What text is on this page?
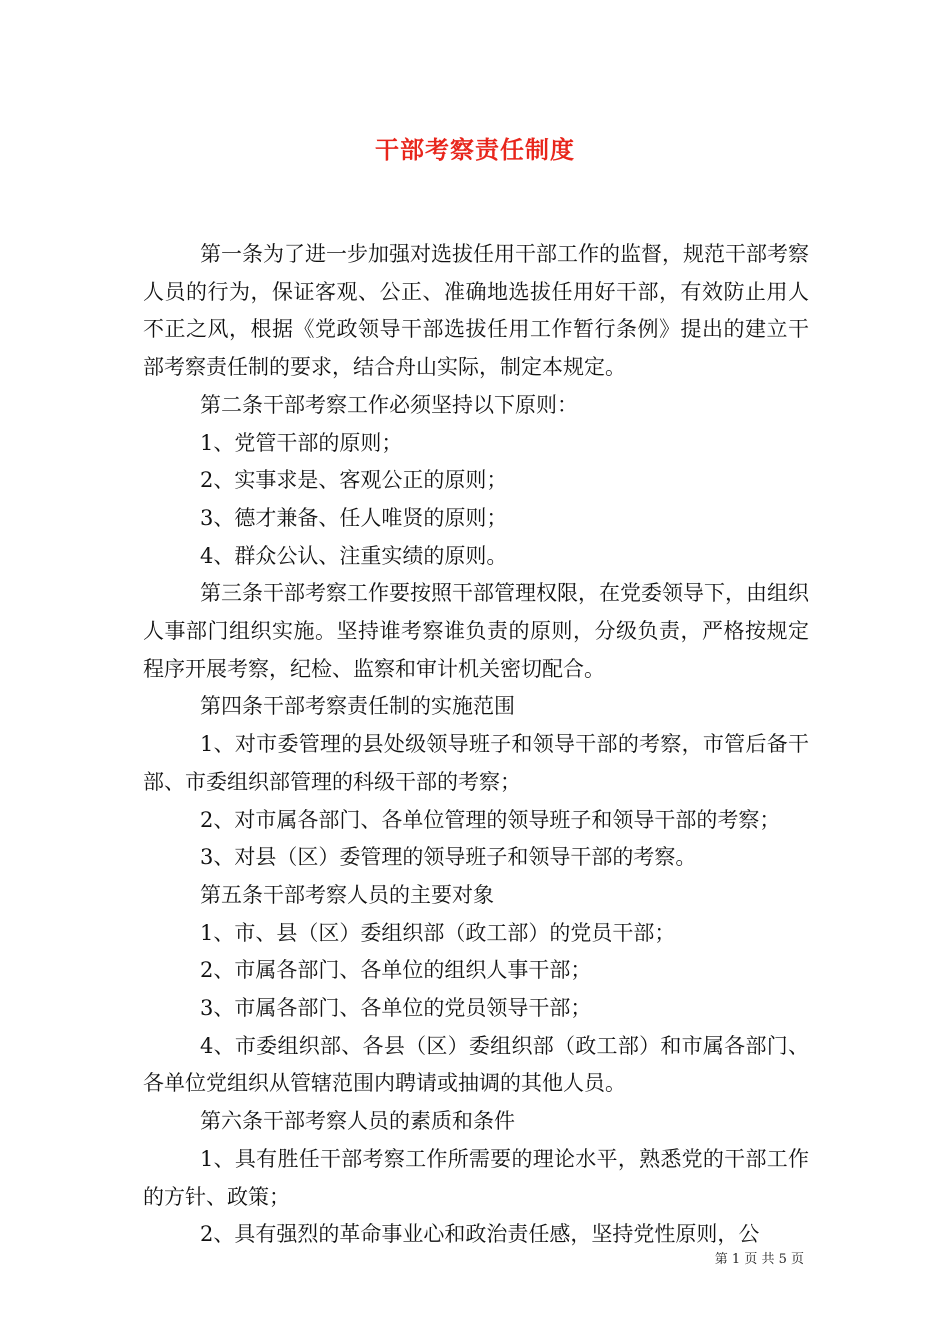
干部考察责任制度

第一条为了进一步加强对选拔任用干部工作的监督，规范干部考察人员的行为，保证客观、公正、准确地选拔任用好干部，有效防止用人不正之风，根据《党政领导干部选拔任用工作暂行条例》提出的建立干部考察责任制的要求，结合舟山实际，制定本规定。

第二条干部考察工作必须坚持以下原则：

1、党管干部的原则；

2、实事求是、客观公正的原则；

3、德才兼备、任人唯贤的原则；

4、群众公认、注重实绩的原则。

第三条干部考察工作要按照干部管理权限，在党委领导下，由组织人事部门组织实施。坚持谁考察谁负责的原则，分级负责，严格按规定程序开展考察，纪检、监察和审计机关密切配合。

第四条干部考察责任制的实施范围

1、对市委管理的县处级领导班子和领导干部的考察，市管后备干部、市委组织部管理的科级干部的考察；

2、对市属各部门、各单位管理的领导班子和领导干部的考察；

3、对县（区）委管理的领导班子和领导干部的考察。

第五条干部考察人员的主要对象

1、市、县（区）委组织部（政工部）的党员干部；

2、市属各部门、各单位的组织人事干部；

3、市属各部门、各单位的党员领导干部；

4、市委组织部、各县（区）委组织部（政工部）和市属各部门、各单位党组织从管辖范围内聘请或抽调的其他人员。

第六条干部考察人员的素质和条件

1、具有胜任干部考察工作所需要的理论水平，熟悉党的干部工作的方针、政策；

2、具有强烈的革命事业心和政治责任感，坚持党性原则，公

第 1 页 共 5 页
